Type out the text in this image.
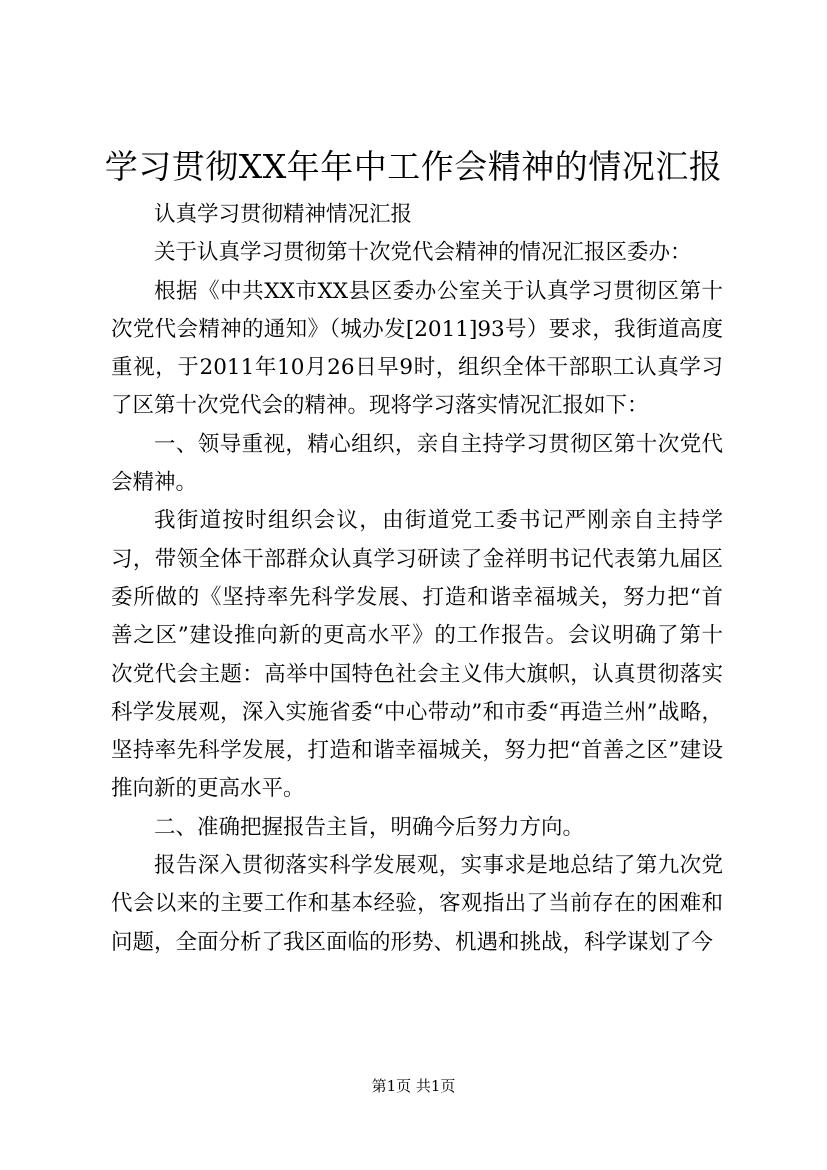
学习贯彻XX年年中工作会精神的情况汇报

认真学习贯彻精神情况汇报

关于认真学习贯彻第十次党代会精神的情况汇报区委办：

根据《中共XX市XX县区委办公室关于认真学习贯彻区第十次党代会精神的通知》（城办发[2011]93号）要求，我街道高度重视，于2011年10月26日早9时，组织全体干部职工认真学习了区第十次党代会的精神。现将学习落实情况汇报如下：

一、领导重视，精心组织，亲自主持学习贯彻区第十次党代会精神。

我街道按时组织会议，由街道党工委书记严刚亲自主持学习，带领全体干部群众认真学习研读了金祥明书记代表第九届区委所做的《坚持率先科学发展、打造和谐幸福城关，努力把“首善之区”建设推向新的更高水平》的工作报告。会议明确了第十次党代会主题：高举中国特色社会主义伟大旗帜，认真贯彻落实科学发展观，深入实施省委“中心带动”和市委“再造兰州”战略，坚持率先科学发展，打造和谐幸福城关，努力把“首善之区”建设推向新的更高水平。

二、准确把握报告主旨，明确今后努力方向。

报告深入贯彻落实科学发展观，实事求是地总结了第九次党代会以来的主要工作和基本经验，客观指出了当前存在的困难和问题，全面分析了我区面临的形势、机遇和挑战，科学谋划了今

第1页 共1页
